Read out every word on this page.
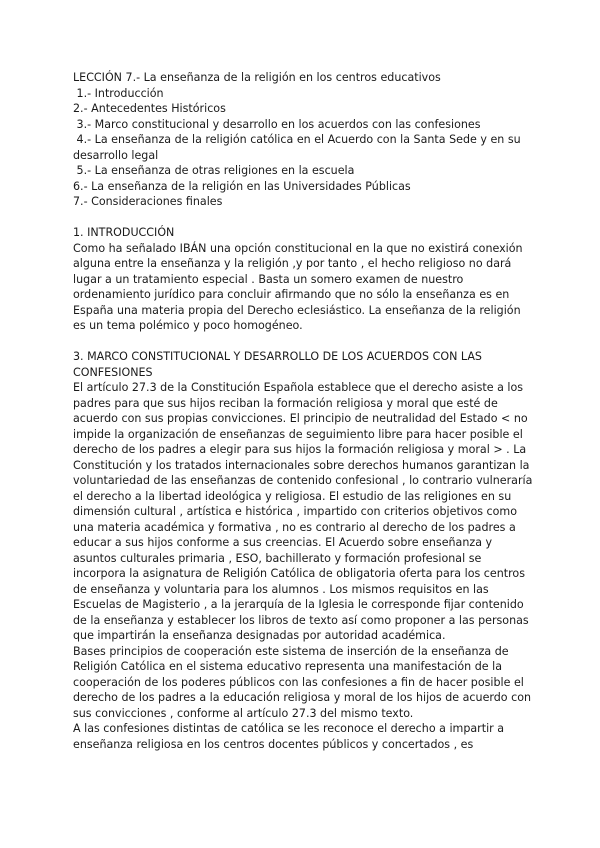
LECCIÓN 7.- La enseñanza de la religión en los centros educativos

1.- Introducción

2.- Antecedentes Históricos

3.- Marco constitucional y desarrollo en los acuerdos con las confesiones

4.- La enseñanza de la religión católica en el Acuerdo con la Santa Sede y en su

desarrollo legal

5.- La enseñanza de otras religiones en la escuela

6.- La enseñanza de la religión en las Universidades Públicas

7.- Consideraciones finales

1. INTRODUCCIÓN

Como ha señalado IBÁN una opción constitucional en la que no existirá conexión alguna entre la enseñanza y la religión ,y por tanto , el hecho religioso no dará lugar a un tratamiento especial . Basta un somero examen de nuestro ordenamiento jurídico para concluir afirmando que no sólo la enseñanza es en España una materia propia del Derecho eclesiástico. La enseñanza de la religión es un tema polémico y poco homogéneo.

3. MARCO CONSTITUCIONAL Y DESARROLLO DE LOS ACUERDOS CON LAS CONFESIONES

El artículo 27.3 de la Constitución Española establece que el derecho asiste a los padres para que sus hijos reciban la formación religiosa y moral que esté de acuerdo con sus propias convicciones. El principio de neutralidad del Estado < no impide la organización de enseñanzas de seguimiento libre para hacer posible el derecho de los padres a elegir para sus hijos la formación religiosa y moral > . La Constitución y los tratados internacionales sobre derechos humanos garantizan la voluntariedad de las enseñanzas de contenido confesional , lo contrario vulneraría el derecho a la libertad ideológica y religiosa. El estudio de las religiones en su dimensión cultural , artística e histórica , impartido con criterios objetivos como una materia académica y formativa , no es contrario al derecho de los padres a educar a sus hijos conforme a sus creencias. El Acuerdo sobre enseñanza y asuntos culturales primaria , ESO, bachillerato y formación profesional se incorpora la asignatura de Religión Católica de obligatoria oferta para los centros de enseñanza y voluntaria para los alumnos . Los mismos requisitos en las Escuelas de Magisterio , a la jerarquía de la Iglesia le corresponde fijar contenido de la enseñanza y establecer los libros de texto así como proponer a las personas que impartirán la enseñanza designadas por autoridad académica.

Bases principios de cooperación este sistema de inserción de la enseñanza de Religión Católica en el sistema educativo representa una manifestación de la cooperación de los poderes públicos con las confesiones a fin de hacer posible el derecho de los padres a la educación religiosa y moral de los hijos de acuerdo con sus convicciones , conforme al artículo 27.3 del mismo texto.

A las confesiones distintas de católica se les reconoce el derecho a impartir a enseñanza religiosa en los centros docentes públicos y concertados , es
